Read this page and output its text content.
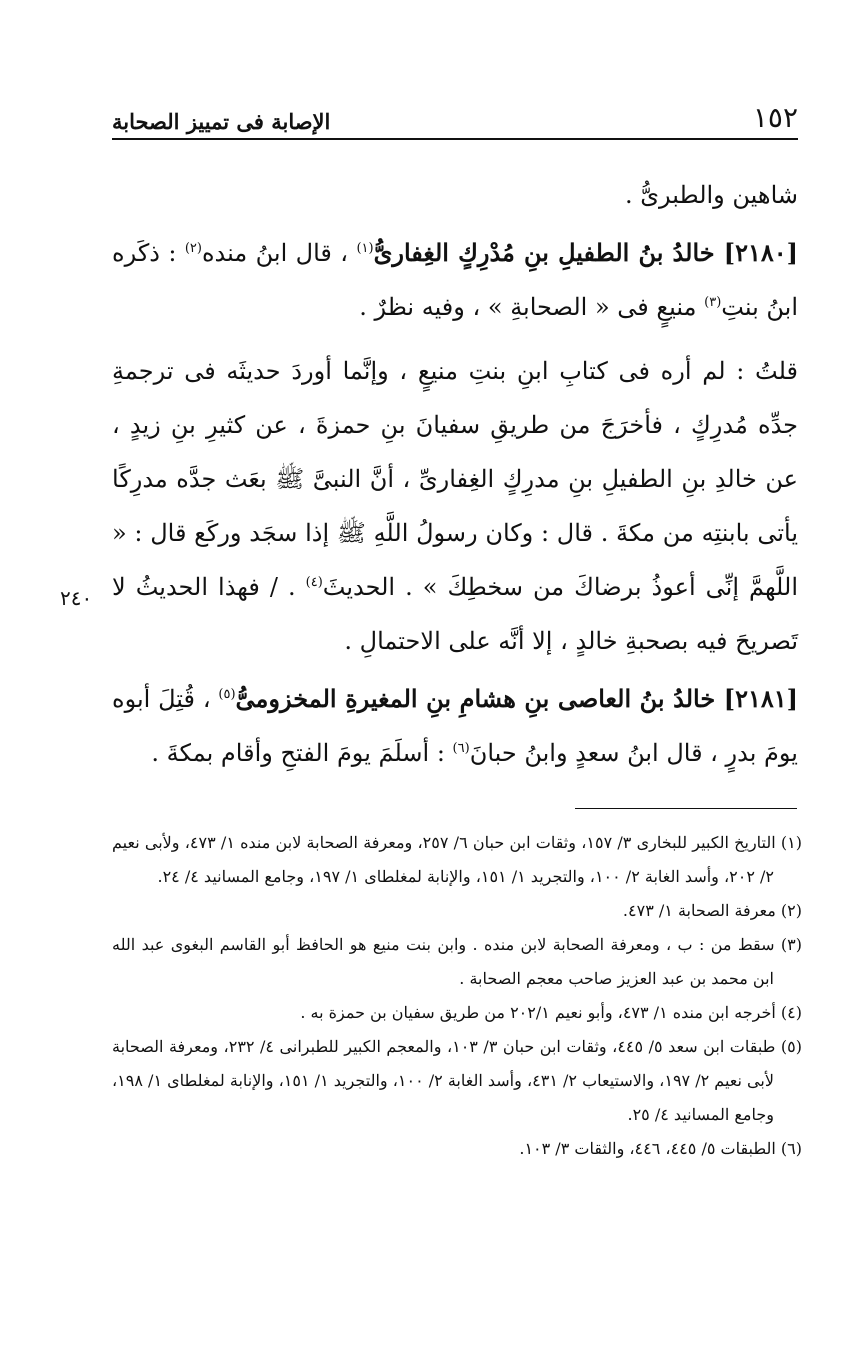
١٥٢
الإصابة فى تمييز الصحابة
٢٤٠

شاهين والطبرىُّ .

[٢١٨٠] خالدُ بنُ الطفيلِ بنِ مُدْرِكٍ الغِفارىُّ$^{(١)}$ ، قال ابنُ منده$^{(٢)}$ : ذكَره ابنُ بنتِ$^{(٣)}$ منيعٍ فى « الصحابةِ » ، وفيه نظرٌ .

قلتُ : لم أره فى كتابِ ابنِ بنتِ منيعٍ ، وإنَّما أوردَ حديثَه فى ترجمةِ جدِّه مُدرِكٍ ، فأخرَجَ من طريقِ سفيانَ بنِ حمزةَ ، عن كثيرِ بنِ زيدٍ ، عن خالدِ بنِ الطفيلِ بنِ مدرِكٍ الغِفارىِّ ، أنَّ النبىَّ ﷺ بعَث جدَّه مدرِكًا يأتى بابنتِه من مكةَ . قال : وكان رسولُ اللَّهِ ﷺ إذا سجَد وركَع قال : « اللَّهمَّ إنِّى أعوذُ برضاكَ من سخطِكَ » . الحديثَ$^{(٤)}$ . / فهذا الحديثُ لا تَصريحَ فيه بصحبةِ خالدٍ ، إلا أنَّه على الاحتمالِ .

[٢١٨١] خالدُ بنُ العاصى بنِ هشامِ بنِ المغيرةِ المخزومىُّ$^{(٥)}$ ، قُتِلَ أبوه يومَ بدرٍ ، قال ابنُ سعدٍ وابنُ حبانَ$^{(٦)}$ : أسلَمَ يومَ الفتحِ وأقام بمكةَ .

(١) التاريخ الكبير للبخارى ٣/ ١٥٧، وثقات ابن حبان ٦/ ٢٥٧، ومعرفة الصحابة لابن منده ١/ ٤٧٣، ولأبى نعيم ٢/ ٢٠٢، وأسد الغابة ٢/ ١٠٠، والتجريد ١/ ١٥١، والإنابة لمغلطاى ١/ ١٩٧، وجامع المسانيد ٤/ ٢٤.

(٢) معرفة الصحابة ١/ ٤٧٣.

(٣) سقط من : ب ، ومعرفة الصحابة لابن منده . وابن بنت منيع هو الحافظ أبو القاسم البغوى عبد الله ابن محمد بن عبد العزيز صاحب معجم الصحابة .

(٤) أخرجه ابن منده ١/ ٤٧٣، وأبو نعيم ٢٠٢/١ من طريق سفيان بن حمزة به .

(٥) طبقات ابن سعد ٥/ ٤٤٥، وثقات ابن حبان ٣/ ١٠٣، والمعجم الكبير للطبرانى ٤/ ٢٣٢، ومعرفة الصحابة لأبى نعيم ٢/ ١٩٧، والاستيعاب ٢/ ٤٣١، وأسد الغابة ٢/ ١٠٠، والتجريد ١/ ١٥١، والإنابة لمغلطاى ١/ ١٩٨، وجامع المسانيد ٤/ ٢٥.

(٦) الطبقات ٥/ ٤٤٥، ٤٤٦، والثقات ٣/ ١٠٣.
